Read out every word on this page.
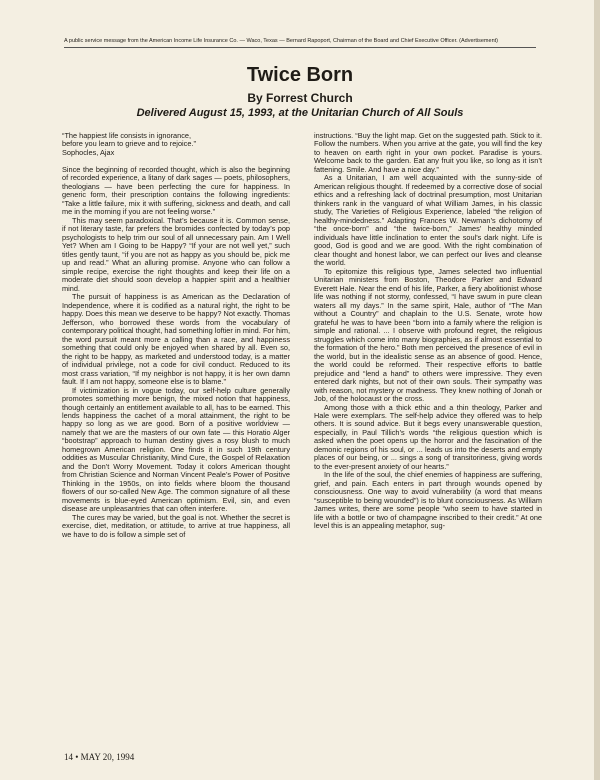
A public service message from the American Income Life Insurance Co. — Waco, Texas — Bernard Rapoport, Chairman of the Board and Chief Executive Officer. (Advertisement)
Twice Born
By Forrest Church
Delivered August 15, 1993, at the Unitarian Church of All Souls
“The happiest life consists in ignorance,
before you learn to grieve and to rejoice.”
Sophocles, Ajax

Since the beginning of recorded thought, which is also the beginning of recorded experience, a litany of dark sages — poets, philosophers, theologians — have been perfecting the cure for happiness. In generic form, their prescription contains the following ingredients: “Take a little failure, mix it with suffering, sickness and death, and call me in the morning if you are not feeling worse.”

This may seem paradoxical. That’s because it is. Common sense, if not literary taste, far prefers the bromides confected by today’s pop psychologists to help trim our soul of all unnecessary pain. Am I Well Yet? When am I Going to be Happy? “If your are not well yet,” such titles gently taunt, “if you are not as happy as you should be, pick me up and read.” What an alluring promise. Anyone who can follow a simple recipe, exercise the right thoughts and keep their life on a moderate diet should soon develop a happier spirit and a healthier mind.

The pursuit of happiness is as American as the Declaration of Independence, where it is codified as a natural right, the right to be happy. Does this mean we deserve to be happy? Not exactly. Thomas Jefferson, who borrowed these words from the vocabulary of contemporary political thought, had something loftier in mind. For him, the word pursuit meant more a calling than a race, and happiness something that could only be enjoyed when shared by all. Even so, the right to be happy, as marketed and understood today, is a matter of individual privilege, not a code for civil conduct. Reduced to its most crass variation, “If my neighbor is not happy, it is her own damn fault. If I am not happy, someone else is to blame.”

If victimization is in vogue today, our self-help culture generally promotes something more benign, the mixed notion that happiness, though certainly an entitlement available to all, has to be earned. This lends happiness the cachet of a moral attainment, the right to be happy so long as we are good. Born of a positive worldview — namely that we are the masters of our own fate — this Horatio Alger “bootstrap” approach to human destiny gives a rosy blush to much homegrown American religion. One finds it in such 19th century oddities as Muscular Christianity, Mind Cure, the Gospel of Relaxation and the Don’t Worry Movement. Today it colors American thought from Christian Science and Norman Vincent Peale’s Power of Positive Thinking in the 1950s, on into fields where bloom the thousand flowers of our so-called New Age. The common signature of all these movements is blue-eyed American optimism. Evil, sin, and even disease are unpleasantries that can often interfere.

The cures may be varied, but the goal is not. Whether the secret is exercise, diet, meditation, or attitude, to arrive at true happiness, all we have to do is follow a simple set of

instructions. “Buy the light map. Get on the suggested path. Stick to it. Follow the numbers. When you arrive at the gate, you will find the key to heaven on earth right in your own pocket. Paradise is yours. Welcome back to the garden. Eat any fruit you like, so long as it isn’t fattening. Smile. And have a nice day.”

As a Unitarian, I am well acquainted with the sunny-side of American religious thought. If redeemed by a corrective dose of social ethics and a refreshing lack of doctrinal presumption, most Unitarian thinkers rank in the vanguard of what William James, in his classic study, The Varieties of Religious Experience, labeled “the religion of healthy-mindedness.” Adapting Frances W. Newman’s dichotomy of “the once-born” and “the twice-born,” James’ healthy minded individuals have little inclination to enter the soul’s dark night. Life is good, God is good and we are good. With the right combination of clear thought and honest labor, we can perfect our lives and cleanse the world.

To epitomize this religious type, James selected two influential Unitarian ministers from Boston, Theodore Parker and Edward Everett Hale. Near the end of his life, Parker, a fiery abolitionist whose life was nothing if not stormy, confessed, “I have swum in pure clean waters all my days.” In the same spirit, Hale, author of “The Man without a Country” and chaplain to the U.S. Senate, wrote how grateful he was to have been “born into a family where the religion is simple and rational. ... I observe with profound regret, the religious struggles which come into many biographies, as if almost essential to the formation of the hero.” Both men perceived the presence of evil in the world, but in the idealistic sense as an absence of good. Hence, the world could be reformed. Their respective efforts to battle prejudice and “lend a hand” to others were impressive. They even entered dark nights, but not of their own souls. Their sympathy was with reason, not mystery or madness. They knew nothing of Jonah or Job, of the holocaust or the cross.

Among those with a thick ethic and a thin theology, Parker and Hale were exemplars. The self-help advice they offered was to help others. It is sound advice. But it begs every unanswerable question, especially, in Paul Tillich’s words “the religious question which is asked when the poet opens up the horror and the fascination of the demonic regions of his soul, or ... leads us into the deserts and empty places of our being, or ... sings a song of transitoriness, giving words to the ever-present anxiety of our hearts.”

In the life of the soul, the chief enemies of happiness are suffering, grief, and pain. Each enters in part through wounds opened by consciousness. One way to avoid vulnerability (a word that means “susceptible to being wounded”) is to blunt consciousness. As William James writes, there are some people “who seem to have started in life with a bottle or two of champagne inscribed to their credit.” At one level this is an appealing metaphor, sug-

14 • MAY 20, 1994
